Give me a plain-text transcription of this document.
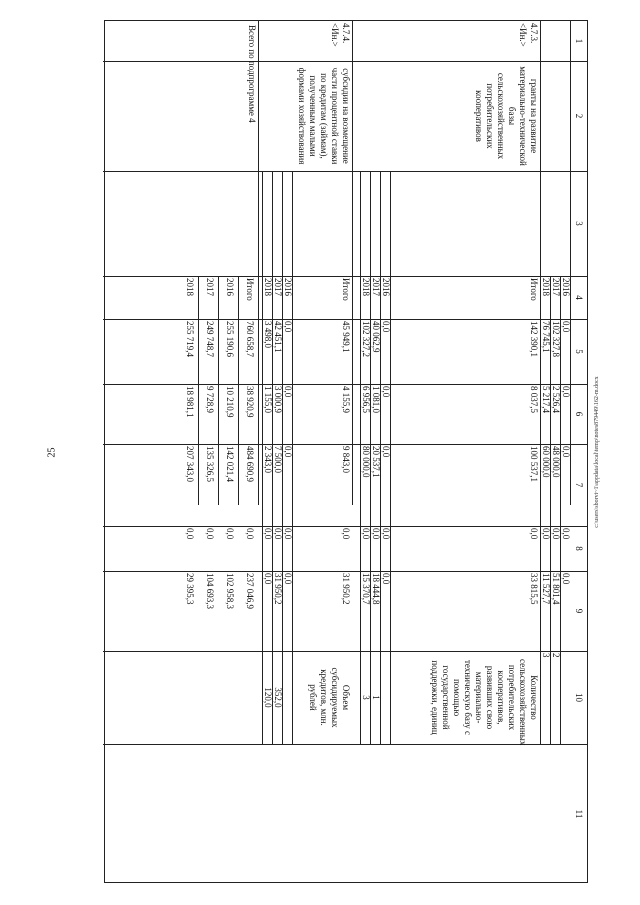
25	c:\users\sborvi~1\appdata\local\temp\notes879449\162-m.docx
1
2
3
4
5
6
7
8
9
10
11
2016
0,0
0,0
0,0
0,0
0,0
2017
102 327,8
2 526,4
48 000,0
0,0
51 801,4
2
2018
76 745,1
5 217,4
60 000,0
0,0
11 527,7
3
4.7.3.
<Ин.>
гранты на развитие материально-технической базы сельскохозяйственных потребительских кооперативов
Итого
142 390,1
8 037,5
100 537,1
0,0
33 815,5
Количество сельскохозяйственных потребительских кооперативов, развивших свою материально-техническую базу с помощью государственной поддержки, единиц
2016
0,0
0,0
0,0
0,0
0,0
2017
40 062,9
1 081,0
20 537,1
0,0
18 444,8
1
2018
102 327,2
6 956,5
80 000,0
0,0
15 370,7
3
4.7.4.
<Ин.>
субсидии на возмещение части процентной ставки по кредитам (займам), полученным малыми формами хозяйствования
Итого
45 949,1
4 155,9
9 843,0
0,0
31 950,2
Объем субсидируемых кредитов, млн. рублей
2016
0,0
0,0
0,0
0,0
0,0
2017
42 451,1
3 000,9
7 500,0
0,0
31 950,2
352,0
2018
3 498,0
1 155,0
2 343,0
0,0
0,0
120,0
Всего по подпрограмме 4
Итого
760 658,7
38 920,9
484 690,9
0,0
237 046,9
2016
255 190,6
10 210,9
142 021,4
0,0
102 958,3
2017
249 748,7
9 728,9
135 326,5
0,0
104 693,3
2018
255 719,4
18 981,1
207 343,0
0,0
29 395,3
